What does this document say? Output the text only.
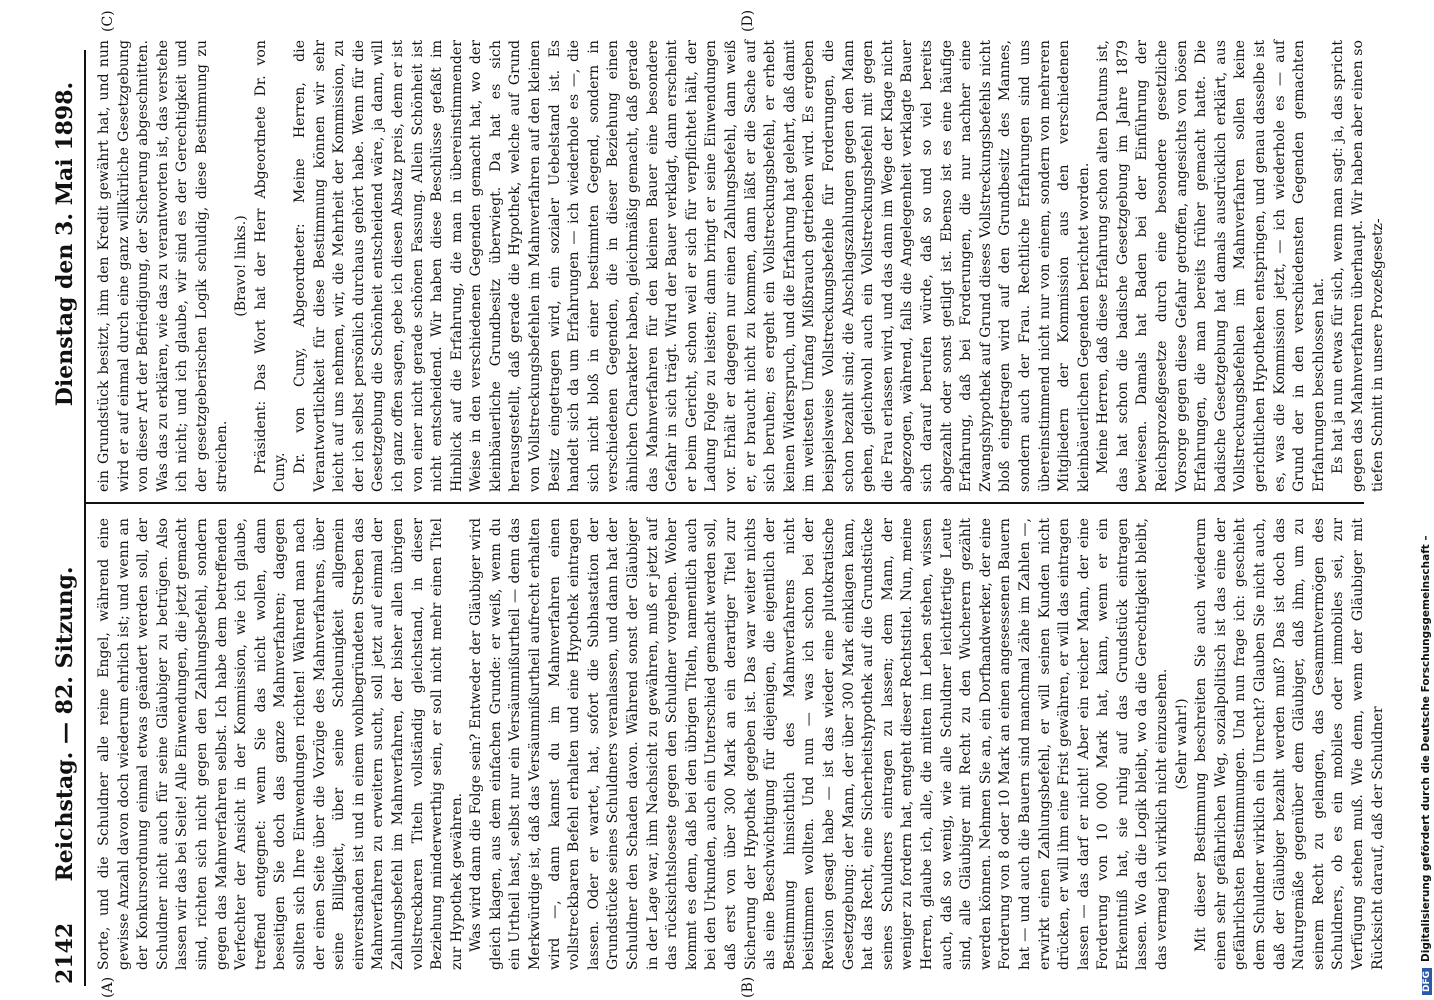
2142
Reichstag. — 82. Sitzung.
Dienstag den 3. Mai 1898.
(A)	(B)
(C)	(D)

Sorte, und die Schuldner alle reine Engel, während eine gewisse Anzahl davon doch wiederum ehrlich ist; und wenn an der Konkursordnung einmal etwas geändert werden soll, der Schuldner nicht auch für seine Gläubiger zu betrügen. Also lassen wir das bei Seite! Alle Einwendungen, die jetzt gemacht sind, richten sich nicht gegen den Zahlungsbefehl, sondern gegen das Mahnverfahren selbst. Ich habe dem betreffenden Verfechter der Ansicht in der Kommission, wie ich glaube, treffend entgegnet: wenn Sie das nicht wollen, dann beseitigen Sie doch das ganze Mahnverfahren; dagegen sollten sich Ihre Einwendungen richten! Während man nach der einen Seite über die Vorzüge des Mahnverfahrens, über seine Billigkeit, über seine Schleunigkeit allgemein einverstanden ist und in einem wohlbegründeten Streben das Mahnverfahren zu erweitern sucht, soll jetzt auf einmal der Zahlungsbefehl im Mahnverfahren, der bisher allen übrigen vollstreckbaren Titeln vollständig gleichstand, in dieser Beziehung minderwerthig sein, er soll nicht mehr einen Titel zur Hypothek gewähren. Was wird dann die Folge sein? Entweder der Gläubiger wird gleich klagen, aus dem einfachen Grunde: er weiß, wenn du ein Urtheil hast, selbst nur ein Versäumnißurtheil — denn das Merkwürdige ist, daß das Versäumnißurtheil aufrecht erhalten wird —, dann kannst du im Mahnverfahren einen vollstreckbaren Befehl erhalten und eine Hypothek eintragen lassen. Oder er wartet, hat, sofort die Subhastation der Grundstücke seines Schuldners veranlassen, und dann hat der Schuldner den Schaden davon. Während sonst der Gläubiger in der Lage war, ihm Nachsicht zu gewähren, muß er jetzt auf das rücksichtsloseste gegen den Schuldner vorgehen. Woher kommt es denn, daß bei den übrigen Titeln, namentlich auch bei den Urkunden, auch ein Unterschied gemacht werden soll, daß erst von über 300 Mark an ein derartiger Titel zur Sicherung der Hypothek gegeben ist. Das war weiter nichts als eine Beschwichtigung für diejenigen, die eigentlich der Bestimmung hinsichtlich des Mahnverfahrens nicht beistimmen wollten. Und nun — was ich schon bei der Revision gesagt habe — ist das wieder eine plutokratische Gesetzgebung: der Mann, der über 300 Mark einklagen kann, hat das Recht, eine Sicherheitshypothek auf die Grundstücke seines Schuldners eintragen zu lassen; dem Mann, der weniger zu fordern hat, entgeht dieser Rechtstitel. Nun, meine Herren, glaube ich, alle, die mitten im Leben stehen, wissen auch, daß so wenig, wie alle Schuldner leichtfertige Leute sind, alle Gläubiger mit Recht zu den Wucherern gezählt werden können. Nehmen Sie an, ein Dorfhandwerker, der eine Forderung von 8 oder 10 Mark an einen angesessenen Bauern hat — und auch die Bauern sind manchmal zähe im Zahlen —, erwirkt einen Zahlungsbefehl, er will seinen Kunden nicht drücken, er will ihm eine Frist gewähren, er will das eintragen lassen — das darf er nicht! Aber ein reicher Mann, der eine Forderung von 10 000 Mark hat, kann, wenn er ein Erkenntniß hat, sie ruhig auf das Grundstück eintragen lassen. Wo da die Logik bleibt, wo da die Gerechtigkeit bleibt, das vermag ich wirklich nicht einzusehen. (Sehr wahr!) Mit dieser Bestimmung beschreiten Sie auch wiederum einen sehr gefährlichen Weg, sozialpolitisch ist das eine der gefährlichsten Bestimmungen. Und nun frage ich: geschieht dem Schuldner wirklich ein Unrecht? Glauben Sie nicht auch, daß der Gläubiger bezahlt werden muß? Das ist doch das Naturgemäße gegenüber dem Gläubiger, daß ihm, um zu seinem Recht zu gelangen, das Gesammtvermögen des Schuldners, ob es ein mobiles oder immobiles sei, zur Verfügung stehen muß. Wie denn, wenn der Gläubiger mit Rücksicht darauf, daß der Schuldner

ein Grundstück besitzt, ihm den Kredit gewährt hat, und nun wird er auf einmal durch eine ganz willkürliche Gesetzgebung von dieser Art der Befriedigung, der Sicherung abgeschnitten. Was das zu erklären, wie das zu verantworten ist, das verstehe ich nicht; und ich glaube, wir sind es der Gerechtigkeit und der gesetzgeberischen Logik schuldig, diese Bestimmung zu streichen.

(Bravo! links.) Präsident: Das Wort hat der Herr Abgeordnete Dr. von Cuny. Dr. von Cuny, Abgeordneter: Meine Herren, die Verantwortlichkeit für diese Bestimmung können wir sehr leicht auf uns nehmen, wir, die Mehrheit der Kommission, zu der ich selbst persönlich durchaus gehört habe. Wenn für die Gesetzgebung die Schönheit entscheidend wäre, ja dann, will ich ganz offen sagen, gebe ich diesen Absatz preis, denn er ist von einer nicht gerade schönen Fassung. Allein Schönheit ist nicht entscheidend. Wir haben diese Beschlüsse gefaßt im Hinblick auf die Erfahrung, die man in übereinstimmender Weise in den verschiedenen Gegenden gemacht hat, wo der kleinbäuerliche Grundbesitz überwiegt. Da hat es sich herausgestellt, daß gerade die Hypothek, welche auf Grund von Vollstreckungsbefehlen im Mahnverfahren auf den kleinen Besitz eingetragen wird, ein sozialer Uebelstand ist. Es handelt sich da um Erfahrungen — ich wiederhole es —, die sich nicht bloß in einer bestimmten Gegend, sondern in verschiedenen Gegenden, die in dieser Beziehung einen ähnlichen Charakter haben, gleichmäßig gemacht, daß gerade das Mahnverfahren für den kleinen Bauer eine besondere Gefahr in sich trägt. Wird der Bauer verklagt, dann erscheint er beim Gericht, schon weil er sich für verpflichtet hält, der Ladung Folge zu leisten; dann bringt er seine Einwendungen vor. Erhält er dagegen nur einen Zahlungsbefehl, dann weiß er, er braucht nicht zu kommen, dann läßt er die Sache auf sich beruhen; es ergeht ein Vollstreckungsbefehl, er erhebt keinen Widerspruch, und die Erfahrung hat gelehrt, daß damit im weitesten Umfang Mißbrauch getrieben wird. Es ergeben beispielsweise Vollstreckungsbefehle für Forderungen, die schon bezahlt sind; die Abschlagszahlungen gegen den Mann gehen, gleichwohl auch ein Vollstreckungsbefehl mit gegen die Frau erlassen wird, und das dann im Wege der Klage nicht abgezogen, während, falls die Angelegenheit verklagte Bauer sich darauf berufen würde, daß so und so viel bereits abgezahlt oder sonst getilgt ist. Ebenso ist es eine häufige Erfahrung, daß bei Forderungen, die nur nachher eine Zwangshypothek auf Grund dieses Vollstreckungsbefehls nicht bloß eingetragen wird auf den Grundbesitz des Mannes, sondern auch der Frau. Rechtliche Erfahrungen sind uns übereinstimmend nicht nur von einem, sondern von mehreren Mitgliedern der Kommission aus den verschiedenen kleinbäuerlichen Gegenden berichtet worden. Meine Herren, daß diese Erfahrung schon alten Datums ist, das hat schon die badische Gesetzgebung im Jahre 1879 bewiesen. Damals hat Baden bei der Einführung der Reichsprozeßgesetze durch eine besondere gesetzliche Vorsorge gegen diese Gefahr getroffen, angesichts von bösen Erfahrungen, die man bereits früher gemacht hatte. Die badische Gesetzgebung hat damals ausdrücklich erklärt, aus Vollstreckungsbefehlen im Mahnverfahren sollen keine gerichtlichen Hypotheken entspringen, und genau dasselbe ist es, was die Kommission jetzt, — ich wiederhole es — auf Grund der in den verschiedensten Gegenden gemachten Erfahrungen beschlossen hat. Es hat ja nun etwas für sich, wenn man sagt: ja, das spricht gegen das Mahnverfahren überhaupt. Wir haben aber einen so tiefen Schnitt in unsere Prozeßgesetz-

DFGDigitalisierung gefördert durch die Deutsche Forschungsgemeinschaft –
